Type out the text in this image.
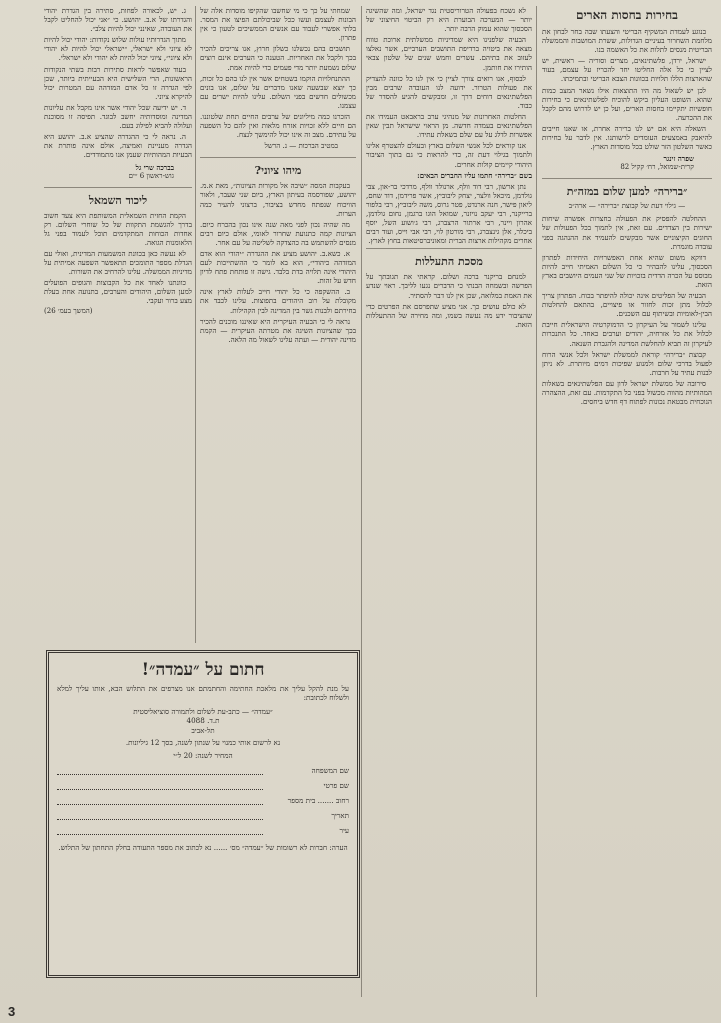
בחירות בחסות הארים

בנוגע לעמדת המשקיף הבריטי והצעתו שבה בחר לבחון את מלחמת השחרור בעיניים הגדולות, ששרת המושבות והממשלה הבריטית מנסים לתלות את כל האשמה בנו.

ישראל, ירדן, פלשתינאים, מצרים וסוריה — ראשית, יש לציין כי כל אלה החליטו יחד להכריז על עצמם, בעוד שהארצות הללו תלויות בכוונות הצבא הבריטי ובתמיכתו.

לכן יש לשאול מה היו התוצאות אילו נשאר המצב כמות שהוא. השופט העליון ביקש להוכיח לפלשתינאים כי בחירות חופשיות יתקיימו בחסות הארים, ועל כן יש לדרוש מהם לקבל את ההכרעה.

השאלה היא אם יש לנו ברירה אחרת, או שאנו חייבים להיאבק באמצעים העומדים לרשותנו. אין לדבר על בחירות כאשר השלטון הזר שולט בכל מוסדות הארץ.

שפרה זינגר
קרית-שמואל, רח׳ קקיל 82
״ברירה״ למען שלום במזה״ת
— גילוי דעת של קבוצת ״ברירה״ — ארה״ב

ההחלטה להפסיק את הפעולה בחצרות אפשרה שיחות ישירות בין הצדדים. עם זאת, אין לתמוך בכל הפעולות של החוגים הקיצוניים אשר מבקשים להעמיד את ההנהגה בפני עובדה מוגמרת.

דווקא משום שהיא אחת האפשרויות היחידות לפתרון הסכסוך, עלינו להבהיר כי כל השלום האמיתי חייב להיות מבוסס על הכרה הדדית בזכויות של שני העמים היושבים בארץ הזאת.

הבעיה של הפליטים אינה יכולה להיפתר בכוח. הפתרון צריך לכלול מתן זכות לחזור או פיצויים, בהתאם להחלטות הבין-לאומיות ובשיתוף עם השכנים.

עלינו לשמור על העיקרון כי הדמוקרטיה הישראלית חייבת לכלול את כל אזרחיה, יהודים וערבים כאחד. כל התנכרות לעיקרון זה תביא להחלשת המדינה ולהגברת השנאה.

קבוצת ״ברירה״ קוראת לממשלת ישראל ולכל אנשי הרוח לפעול בדרכי שלום ולמנוע שפיכות דמים מיותרת. לא ניתן לבנות עתיד על חרבות.

סירובה של ממשלת ישראל לדון עם הפלשתינאים בשאלות המהותיות מהווה מכשול בפני כל התקדמות. עם זאת, ההצהרה הנוכחית מבטאת נכונות לפתוח דף חדש ביחסים.

לא נשכח בפעולה הטרוריסטית נגד ישראל, ומה שהשיגה יותר — המערכה הבוערת היא רק הביטוי החיצוני של הסכסוך שהוא עמוק הרבה יותר.

הבעיה שלפנינו היא שמדיניות ממשלתית ארוכת טווח מצאה את ביטויה ברדיפת התושבים הערביים, אשר נאלצו לעזוב את בתיהם. עשרים וחמש שנים של שלטון צבאי הותירו את חותמן.

לבסוף, אנו רואים צורך לציין כי אין לנו כל כוונה להצדיק את פעולות הטרור. ידועה לנו העובדה שרבים מבין הפלשתינאים דוחים דרך זו, ומבקשים להגיע להסדר של כבוד.

החלטות האחרונות של מנהיגי ערב בראבאט העמידו את הפלשתינאים בעמדה חדשה. מן הראוי שישראל תבין שאין אפשרות לדלג על עם שלם בשאלת עתידו.

אנו קוראים לכל אנשי השלום בארץ ובעולם להצטרף אלינו ולתמוך בגילוי דעת זה, כדי להראות כי גם בתוך הציבור היהודי קיימים קולות אחרים.

בשם ״ברירה״ חתמו עליו החברים הבאים:

נתן ארשון, רבי דוד וולף, ארנולד וולף, מרדכי בר-און, צבי גולדמן, מיכאל וולצר, יצחק ליבוביץ, אשר פרידמן, דוד שחם, ליאון פישר, חנה ארנדט, פטר גרוס, משה ליבוביץ, רבי בלפור ברייקנר, רבי יעקב נויזנר, שמואל הוגו ברגמן, נחום גולדמן, אהרון ויינר, רבי ארתור הרצברג, רבי ג׳ושוע השל, יוסף ביכלר, אלן גינצברג, רבי מורטון לוי, רבי אבי וייס, ועוד רבים אחרים מקהילות ארצות הברית ומאוניברסיטאות בחוץ לארץ.

מסכת התעללות

למנחם בריקנר ברכה ושלום. קראתי את תגובתך על הפרשה ובשמחה הבנתי כי הדברים נגעו לליבך. ראוי שנדע את האמת במלואה, שכן אין לנו דבר להסתיר.

לא כולם עושים כך. אני מציע שתפרסם את הפרטים כדי שהציבור ידע מה נעשה בשמו, ומה מחירה של ההתעללות הזאת.

שמחתי על כך כי מי שחשבו שהקיפו מוסדות אלה של הבונות לעצמם ועשו ככל שביכולתם הפיצו את המסר. בלתי אפשרי לעבוד עם אנשים הממשיכים לטעון כי אין פתרון.

תושבים בהם נכשלנו כשלון חרוץ, אנו צריכים להכיר בכך ולקבל את האחריות. הטענה כי הערבים אינם רוצים שלום נשמעת יותר מדי פעמים כדי להיות אמת.

ההתנחלויות הוקמו בשטחים אשר אין לנו בהם כל זכות, כך יוצא שבשעה שאנו מדברים על שלום, אנו בונים מכשולים חדשים בפני השלום. עלינו להיות ישרים עם עצמנו.

הזכרנו כמה מיליונים של ערבים החיים תחת שלטוננו. הם חיים ללא זכויות אזרח מלאות ואין להם כל השפעה על עתידם. מצב זה אינו יכול להימשך לנצח.

במטיב הברכות — נ. הרשל
מיהו ציוני?

בעקבות המסה ״שיבה אל מקורות הציונות״, מאת א.מ. יהושע, שפורסמה בעיתון הארץ, ביום שני שעבר, ולאור הוויכוח שנפתח מחדש בציבור, ברצוני להעיר כמה הערות.

מה שהיה נכון לפני מאה שנה אינו נכון בהכרח כיום. הציונות קמה כתנועת שחרור לאומי, אולם כיום רבים מנסים להשתמש בה כהצדקה לשליטה על עם אחר.

א. כשא.ב. יהושע מציע את ההגדרה ״יהודי הוא אדם המזדהה כיהודי״, הוא בא לומר כי ההשתייכות לעם היהודי אינה תלויה בדת בלבד. גישה זו פותחת פתח לדיון חדש על זהות.

ב. ההשקפה כי כל יהודי חייב לעלות לארץ אינה מקובלת על רוב היהודים בתפוצות. עלינו לכבד את בחירתם ולבנות גשר בין המדינה לבין הקהילות.

נראה לי כי הבעיה העיקרית היא שאיננו מוכנים להכיר בכך שהציונות השיגה את מטרתה העיקרית — הקמת מדינה יהודית — ועתה עלינו לשאול מה הלאה.

ג. יש, לכאורה לפחות, סתירה בין הגדרת יהודי והגדרתו של א.ב. יהושע. כי ״אני יכול להחליט לקבל את העובדה, שאינני יכול להיות צלב״.

מתוך הגדרותיו עולות שלוש נקודות: יהודי יכול להיות לא ציוני ולא ישראלי, ״ישראלי יכול להיות לא יהודי ולא ציוני״, ציוני יכול להיות לא יהודי ולא ישראלי.

בעוד שאפשר לראות סתירות רבות בשתי הנקודות הראשונות, הרי השלישית היא הבעייתית ביותר, שכן לפי הגדרה זו כל אדם המזדהה עם המטרות יכול להיקרא ציוני.

ד. יש ידיעה שכל יהודי אשר אינו מקבל את עליונות המדינה ומוסדותיה יחשב לבוגד. תפיסה זו מסוכנת ועלולה להביא לפילוג בעם.

ה. נראה לי כי ההגדרה שהציע א.ב. יהושע היא הגדרה מעניינת ואמיצה, אולם אינה פותרת את הבעיות המהותיות שעמן אנו מתמודדים.

בברכה שרי גל
גוש-ראשון 6 ״ים
ליכוד השמאל

הקמת החזית השמאלית המשותפת היא צעד חשוב בדרך להגשמת התקוות של כל שוחרי השלום. רק אחדות הכוחות המתקדמים תוכל לעמוד בפני גל הלאומנות הגואה.

לא נעשה כאן בכוונת המשמעות המדינית, ואולי עם הגדלת מספר התומכים תתאפשר השפעה אמיתית על מדיניות הממשלה. עלינו להרחיב את השורות.

כוונתנו לאחד את כל הקבוצות והגופים הפועלים למען השלום, היהודים והערבים, בתנועה אחת בעלת מצע ברור ועקבי.

(המשך בעמ׳ 26)
חתום על ״עמדה״!
על מנת להקל עליך את מלאכת החתימה והחתמתם אנו מצרפים את התלוש הבא, אותו עליך למלא ולשלוח לכתובת:
״עמדה״ — כתב-עת לשלום ולתמורה סוציאליסטית
ת.ד. 4088
תל-אביב
נא לרשום אותי כמנוי על שנתון לשנה, בסך 12 גיליונות.
המחיר לשנה: 20 ל״י
שם המשפחה
שם פרטי
רחוב ....... בית מספר
תאריך
עיר
הערה: חברות לא רשומות של ״עמדה״ מס׳ ...... נא לכתוב את מספר התעודה בחלק התחתון של התלוש.
3
